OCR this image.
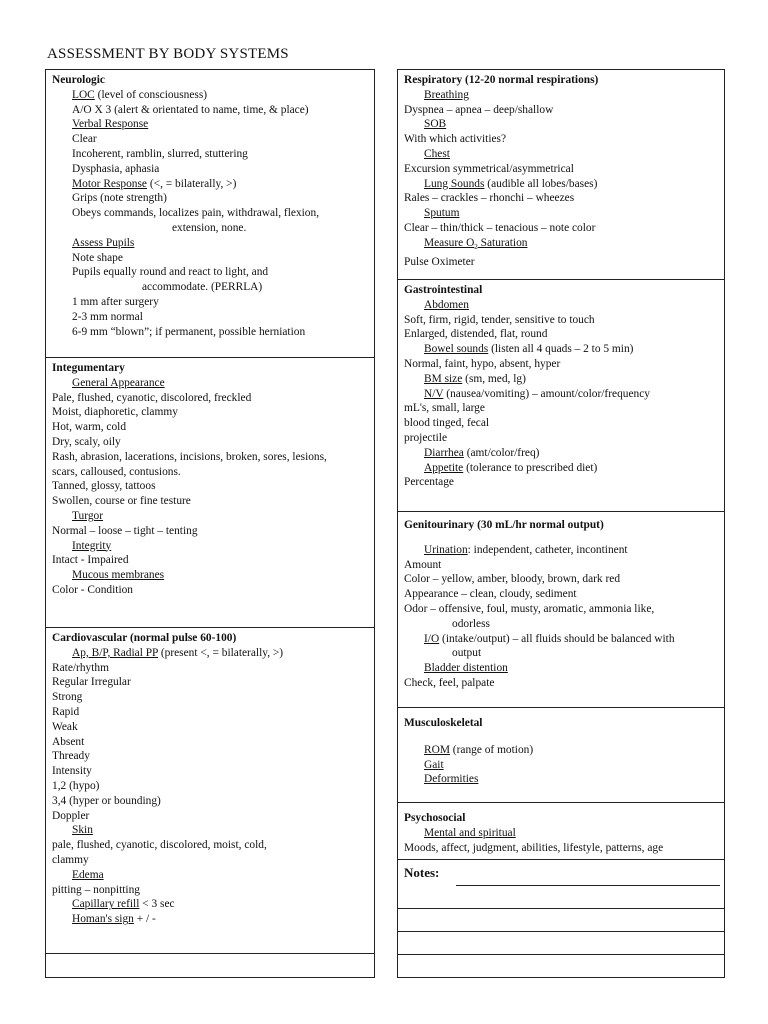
ASSESSMENT BY BODY SYSTEMS
Neurologic
LOC (level of consciousness)
A/O X 3 (alert & orientated to name, time, & place)
Verbal Response
Clear
Incoherent, ramblin, slurred, stuttering
Dysphasia, aphasia
Motor Response (<, = bilaterally, >)
Grips (note strength)
Obeys commands, localizes pain, withdrawal, flexion,
extension, none.
Assess Pupils
Note shape
Pupils equally round and react to light, and
accommodate. (PERRLA)
1 mm after surgery
2-3 mm normal
6-9 mm “blown”; if permanent, possible herniation
Integumentary
General Appearance
Pale, flushed, cyanotic, discolored, freckled
Moist, diaphoretic, clammy
Hot, warm, cold
Dry, scaly, oily
Rash, abrasion, lacerations, incisions, broken, sores, lesions,
scars, calloused, contusions.
Tanned, glossy, tattoos
Swollen, course or fine testure
Turgor
Normal – loose – tight – tenting
Integrity
Intact - Impaired
Mucous membranes
Color - Condition
Cardiovascular (normal pulse 60-100)
Ap, B/P, Radial PP (present <, = bilaterally, >)
Rate/rhythm
Regular Irregular
Strong
Rapid
Weak
Absent
Thready
Intensity
1,2 (hypo)
3,4 (hyper or bounding)
Doppler
Skin
pale, flushed, cyanotic, discolored, moist, cold,
clammy
Edema
pitting – nonpitting
Capillary refill < 3 sec
Homan's sign + / -
Respiratory (12-20 normal respirations)
Breathing
Dyspnea – apnea – deep/shallow
SOB
With which activities?
Chest
Excursion symmetrical/asymmetrical
Lung Sounds (audible all lobes/bases)
Rales – crackles – rhonchi – wheezes
Sputum
Clear – thin/thick – tenacious – note color
Measure $O_2$ Saturation
Pulse Oximeter
Gastrointestinal
Abdomen
Soft, firm, rigid, tender, sensitive to touch
Enlarged, distended, flat, round
Bowel sounds (listen all 4 quads – 2 to 5 min)
Normal, faint, hypo, absent, hyper
BM size (sm, med, lg)
N/V (nausea/vomiting) – amount/color/frequency
mL's, small, large
blood tinged, fecal
projectile
Diarrhea (amt/color/freq)
Appetite (tolerance to prescribed diet)
Percentage
Genitourinary (30 mL/hr normal output)
Urination: independent, catheter, incontinent
Amount
Color – yellow, amber, bloody, brown, dark red
Appearance – clean, cloudy, sediment
Odor – offensive, foul, musty, aromatic, ammonia like,
odorless
I/O (intake/output) – all fluids should be balanced with
output
Bladder distention
Check, feel, palpate
Musculoskeletal
ROM (range of motion)
Gait
Deformities
Psychosocial
Mental and spiritual
Moods, affect, judgment, abilities, lifestyle, patterns, age
Notes:
